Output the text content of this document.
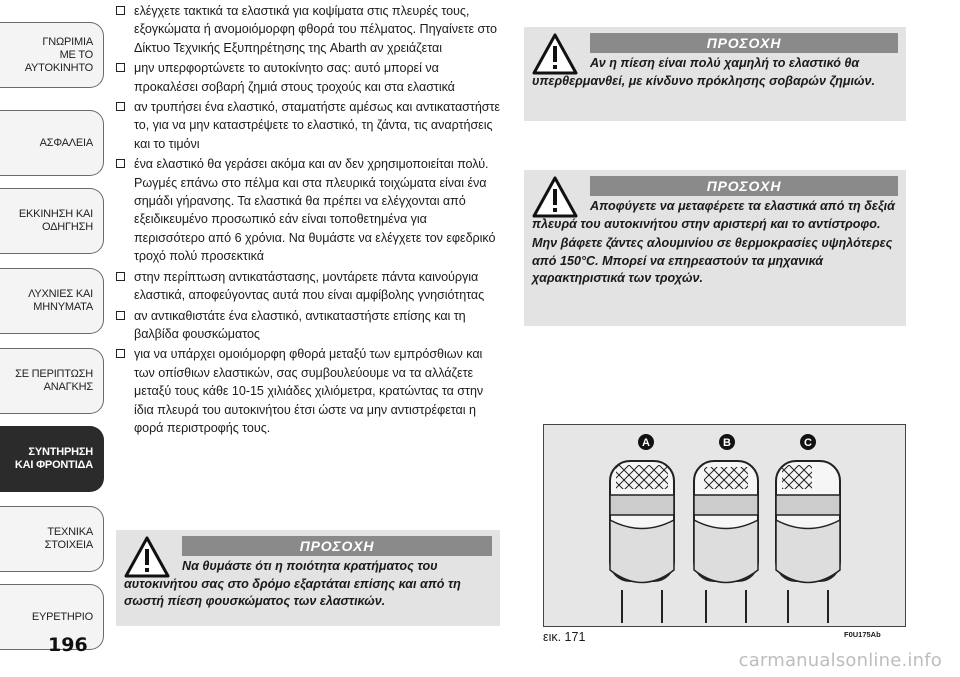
ΓΝΩΡΙΜΙΑ
ΜΕ ΤΟ
ΑΥΤΟΚΙΝΗΤΟ
ΑΣΦΑΛΕΙΑ
ΕΚΚΙΝΗΣΗ ΚΑΙ
ΟΔΗΓΗΣΗ
ΛΥΧΝΙΕΣ ΚΑΙ
ΜΗΝΥΜΑΤΑ
ΣΕ ΠΕΡΙΠΤΩΣΗ
ΑΝΑΓΚΗΣ
ΣΥΝΤΗΡΗΣΗ
ΚΑΙ ΦΡΟΝΤΙΔΑ
ΤΕΧΝΙΚΑ
ΣΤΟΙΧΕΙΑ
ΕΥΡΕΤΗΡΙΟ
196
ελέγχετε τακτικά τα ελαστικά για κοψίματα στις πλευρές τους, εξογκώματα ή ανομοιόμορφη φθορά του πέλματος. Πηγαίνετε στο Δίκτυο Τεχνικής Εξυπηρέτησης της Abarth αν χρειάζεται
μην υπερφορτώνετε το αυτοκίνητο σας: αυτό μπορεί να προκαλέσει σοβαρή ζημιά στους τροχούς και στα ελαστικά
αν τρυπήσει ένα ελαστικό, σταματήστε αμέσως και αντικαταστήστε το, για να μην καταστρέψετε το ελαστικό, τη ζάντα, τις αναρτήσεις και το τιμόνι
ένα ελαστικό θα γεράσει ακόμα και αν δεν χρησιμοποιείται πολύ. Ρωγμές επάνω στο πέλμα και στα πλευρικά τοιχώματα είναι ένα σημάδι γήρανσης. Τα ελαστικά θα πρέπει να ελέγχονται από εξειδικευμένο προσωπικό εάν είναι τοποθετημένα για περισσότερο από 6 χρόνια. Να θυμάστε να ελέγχετε τον εφεδρικό τροχό πολύ προσεκτικά
στην περίπτωση αντικατάστασης, μοντάρετε πάντα καινούργια ελαστικά, αποφεύγοντας αυτά που είναι αμφίβολης γνησιότητας
αν αντικαθιστάτε ένα ελαστικό, αντικαταστήστε επίσης και τη βαλβίδα φουσκώματος
για να υπάρχει ομοιόμορφη φθορά μεταξύ των εμπρόσθιων και των οπίσθιων ελαστικών, σας συμβουλεύουμε να τα αλλάζετε μεταξύ τους κάθε 10-15 χιλιάδες χιλιόμετρα, κρατώντας τα στην ίδια πλευρά του αυτοκινήτου έτσι ώστε να μην αντιστρέφεται η φορά περιστροφής τους.
ΠΡΟΣΟΧΗ
Να θυμάστε ότι η ποιότητα κρατήματος του αυτοκινήτου σας στο δρόμο εξαρτάται επίσης και από τη σωστή πίεση φουσκώματος των ελαστικών.
ΠΡΟΣΟΧΗ
Αν η πίεση είναι πολύ χαμηλή το ελαστικό θα υπερθερμανθεί, με κίνδυνο πρόκλησης σοβαρών ζημιών.
ΠΡΟΣΟΧΗ
Αποφύγετε να μεταφέρετε τα ελαστικά από τη δεξιά πλευρά του αυτοκινήτου στην αριστερή και το αντίστροφο.
Μην βάφετε ζάντες αλουμινίου σε θερμοκρασίες υψηλότερες από 150°C. Μπορεί να επηρεαστούν τα μηχανικά χαρακτηριστικά των τροχών.
A	B	C
εικ. 171	F0U175Ab
carmanualsonline.info
